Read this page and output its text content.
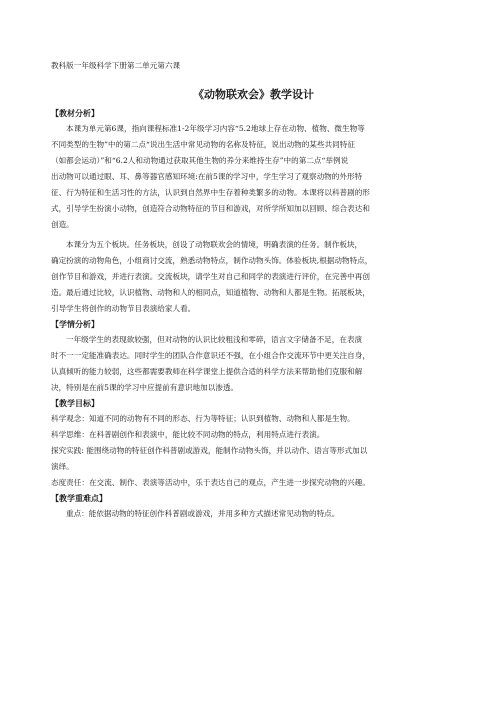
教科版一年级科学下册第二单元第六课
《动物联欢会》教学设计
【教材分析】
本课为单元第6课，指向课程标准1-2年级学习内容“5.2地球上存在动物、植物、微生物等
不同类型的生物”中的第二点“说出生活中常见动物的名称及特征，说出动物的某些共同特征
（如都会运动）”和“6.2人和动物通过获取其他生物的养分来维持生存”中的第二点“举例说
出动物可以通过眼、耳、鼻等器官感知环境:在前5课的学习中，学生学习了观察动物的外形特
征、行为特征和生活习性的方法，认识到自然界中生存着种类繁多的动物。本课将以科普剧的形
式，引导学生扮演小动物，创造符合动物特征的节目和游戏，对所学所知加以回顾、综合表达和
创造。
本课分为五个板块。任务板块，创设了动物联欢会的情境，明确表演的任务。制作板块，
确定扮演的动物角色，小组商讨交流，熟悉动物特点，制作动物头饰。体验板块,根据动物特点，
创作节目和游戏，并进行表演。交流板块，请学生对自己和同学的表演进行评价，在完善中再创
造。最后通过比较，认识植物、动物和人的相同点，知道植物、动物和人都是生物。拓展板块，
引导学生将创作的动物节目表演给家人看。
【学情分析】
一年级学生的表现欲较强，但对动物的认识比较粗浅和零碎，语言文字储备不足，在表演
时不一一定能准确表达。同时学生的团队合作意识还不强，在小组合作交流环节中更关注自身，
认真倾听的能力较弱，这些都需要教师在科学课堂上提供合适的科学方法来帮助他们克服和解
决，特别是在前5课的学习中应提前有意识地加以渗透。
【教学目标】
科学观念：知道不同的动物有不同的形态、行为等特征；认识到植物、动物和人都是生物。
科学思维：在科普剧创作和表演中，能比较不同动物的特点，利用特点进行表演。
探究实践: 能围绕动物的特征创作科普剧或游戏，能制作动物头饰，并以动作、语言等形式加以
演绎。
态度责任：在交流、制作、表演等活动中，乐于表达自己的观点，产生进一步探究动物的兴趣。
【教学重难点】
重点：能依据动物的特征创作科普剧或游戏，并用多种方式描述常见动物的特点。
